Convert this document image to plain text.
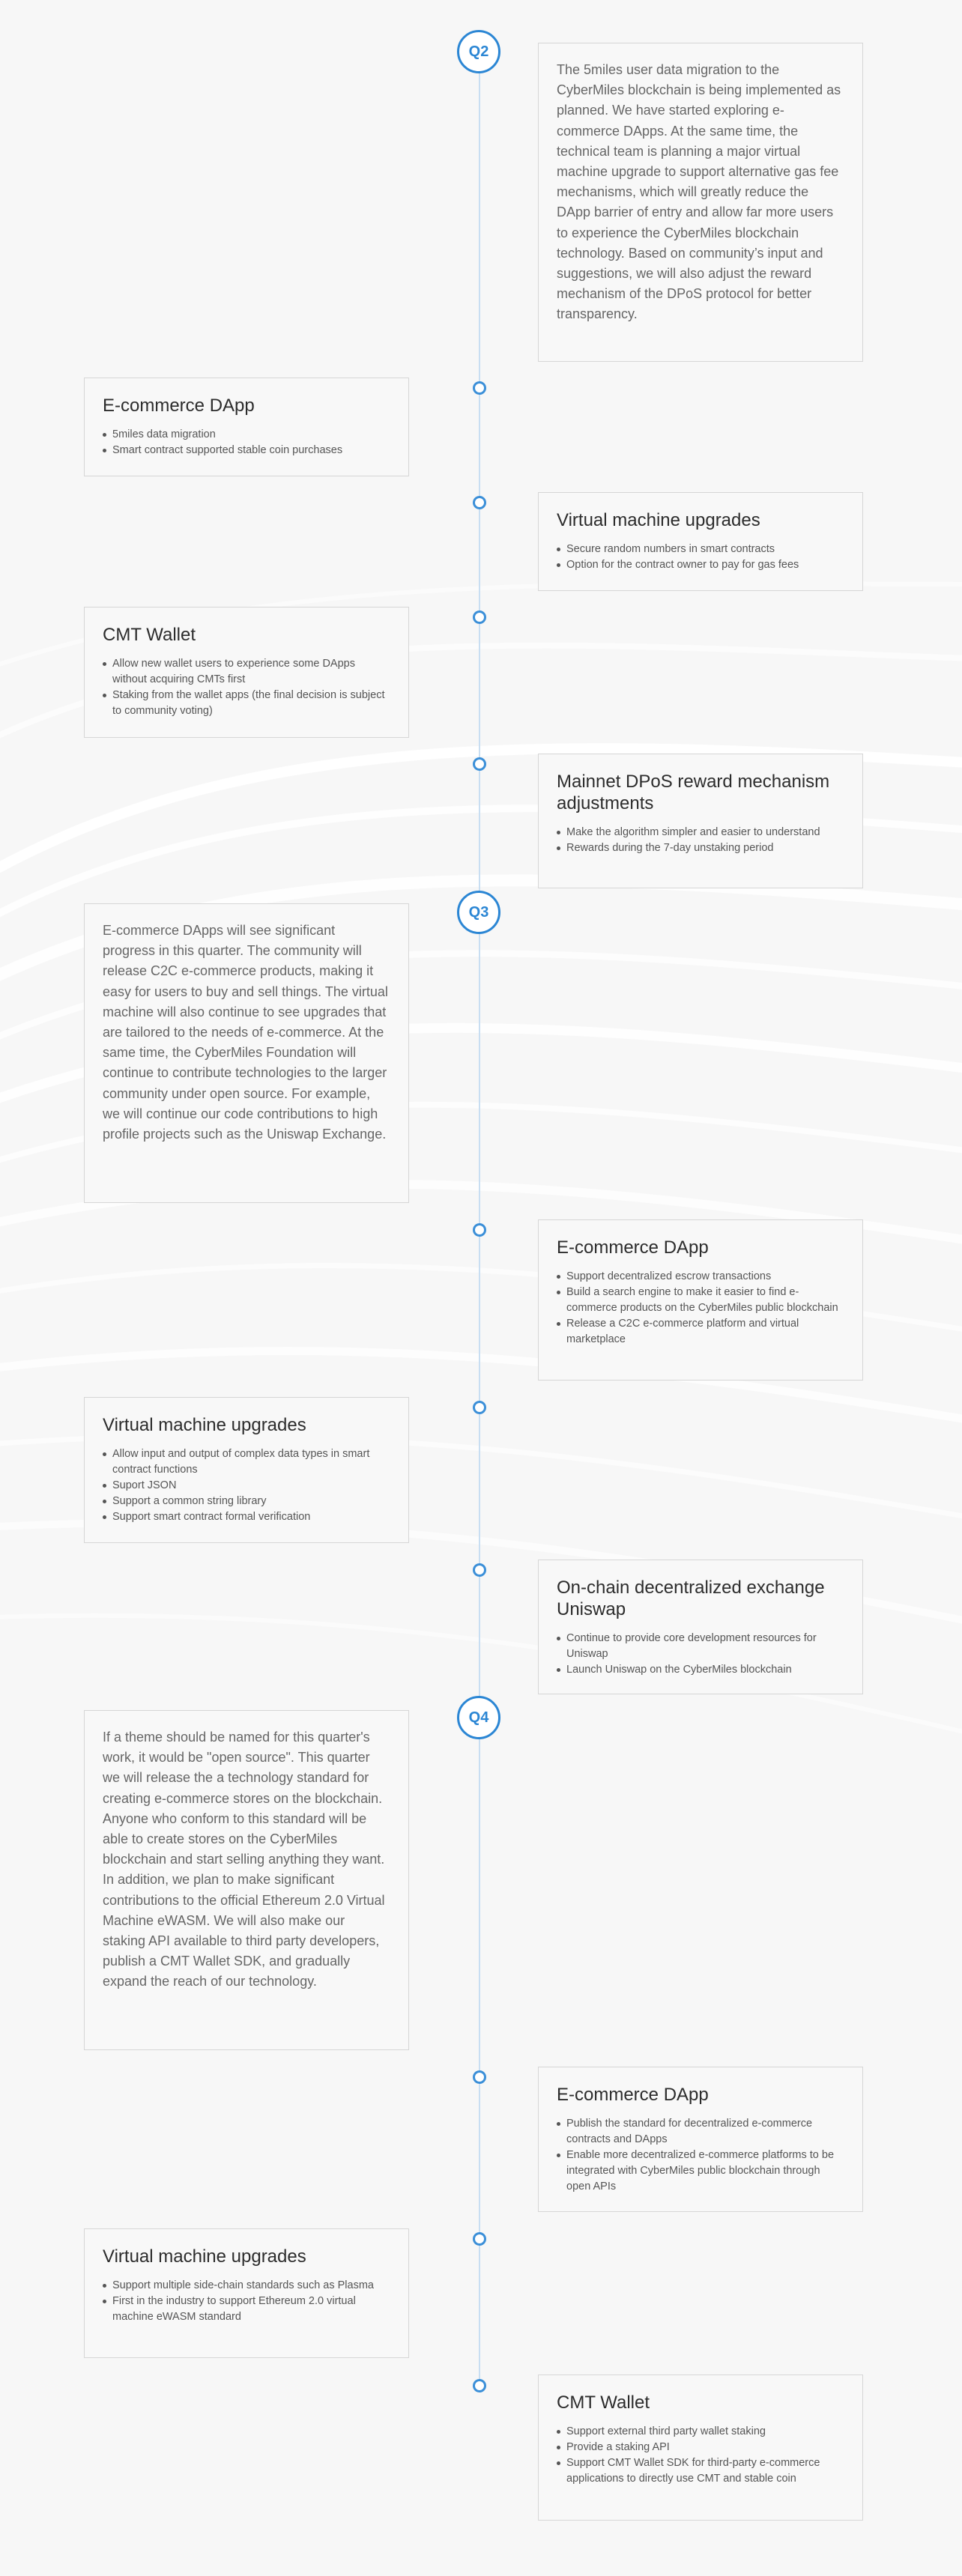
Q2

The 5miles user data migration to the CyberMiles blockchain is being implemented as planned. We have started exploring e-commerce DApps. At the same time, the technical team is planning a major virtual machine upgrade to support alternative gas fee mechanisms, which will greatly reduce the DApp barrier of entry and allow far more users to experience the CyberMiles blockchain technology. Based on community’s input and suggestions, we will also adjust the reward mechanism of the DPoS protocol for better transparency.

E-commerce DApp
5miles data migration
Smart contract supported stable coin purchases
Virtual machine upgrades
Secure random numbers in smart contracts
Option for the contract owner to pay for gas fees
CMT Wallet
Allow new wallet users to experience some DApps without acquiring CMTs first
Staking from the wallet apps (the final decision is subject to community voting)
Mainnet DPoS reward mechanism adjustments
Make the algorithm simpler and easier to understand
Rewards during the 7-day unstaking period
Q3

E-commerce DApps will see significant progress in this quarter. The community will release C2C e-commerce products, making it easy for users to buy and sell things. The virtual machine will also continue to see upgrades that are tailored to the needs of e-commerce. At the same time, the CyberMiles Foundation will continue to contribute technologies to the larger community under open source. For example, we will continue our code contributions to high profile projects such as the Uniswap Exchange.

E-commerce DApp
Support decentralized escrow transactions
Build a search engine to make it easier to find e-commerce products on the CyberMiles public blockchain
Release a C2C e-commerce platform and virtual marketplace
Virtual machine upgrades
Allow input and output of complex data types in smart contract functions
Suport JSON
Support a common string library
Support smart contract formal verification
On-chain decentralized exchange Uniswap
Continue to provide core development resources for Uniswap
Launch Uniswap on the CyberMiles blockchain
Q4

If a theme should be named for this quarter's work, it would be "open source". This quarter we will release the a technology standard for creating e-commerce stores on the blockchain. Anyone who conform to this standard will be able to create stores on the CyberMiles blockchain and start selling anything they want. In addition, we plan to make significant contributions to the official Ethereum 2.0 Virtual Machine eWASM. We will also make our staking API available to third party developers, publish a CMT Wallet SDK, and gradually expand the reach of our technology.

E-commerce DApp
Publish the standard for decentralized e-commerce contracts and DApps
Enable more decentralized e-commerce platforms to be integrated with CyberMiles public blockchain through open APIs
Virtual machine upgrades
Support multiple side-chain standards such as Plasma
First in the industry to support Ethereum 2.0 virtual machine eWASM standard
CMT Wallet
Support external third party wallet staking
Provide a staking API
Support CMT Wallet SDK for third-party e-commerce applications to directly use CMT and stable coin
